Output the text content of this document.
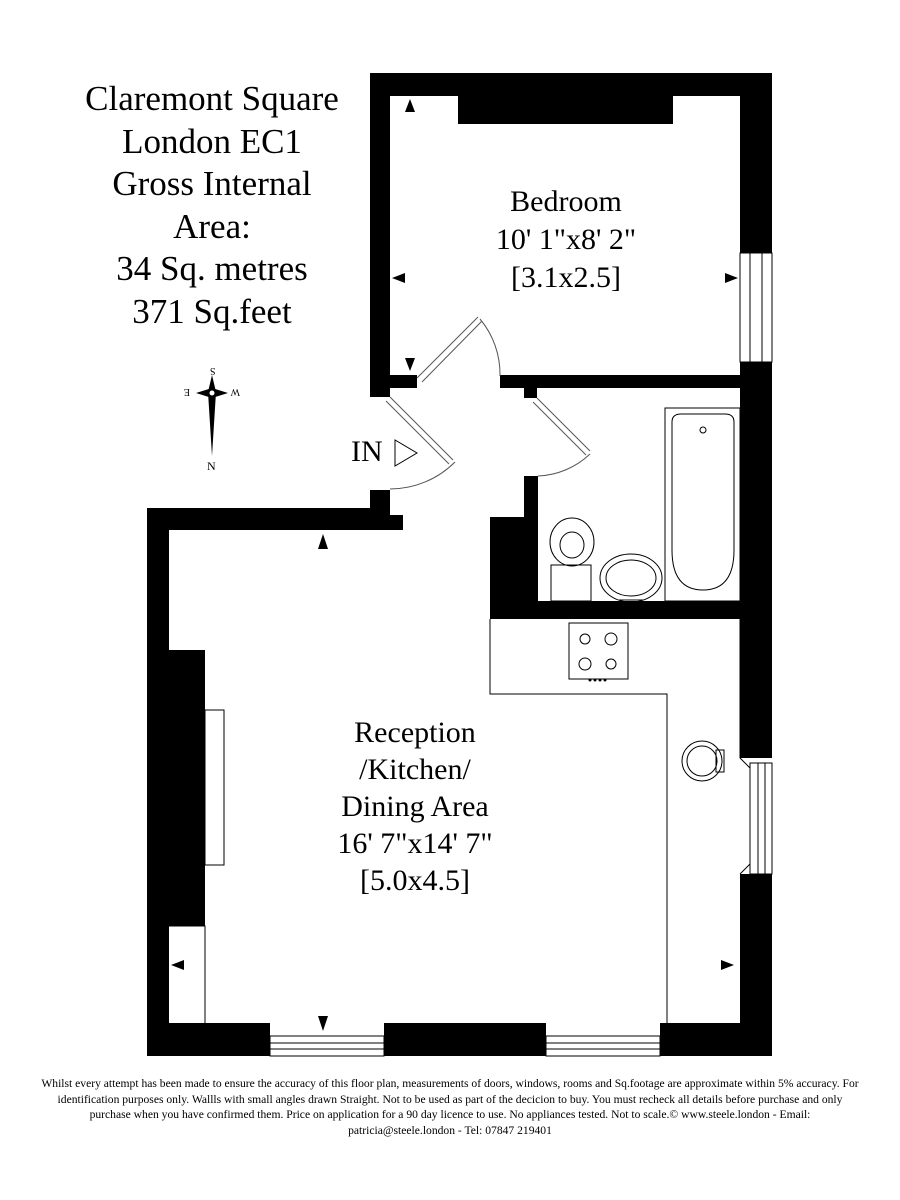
S
E	W
N
Claremont Square
London EC1
Gross Internal
Area:
34 Sq. metres
371 Sq.feet
Bedroom
10' 1"x8' 2"
[3.1x2.5]
Reception
/Kitchen/
Dining Area
16' 7"x14' 7"
[5.0x4.5]
IN
Whilst every attempt has been made to ensure the accuracy of this floor plan, measurements of doors, windows, rooms and Sq.footage are approximate within 5% accuracy. For identification purposes only. Wallls with small angles drawn Straight. Not to be used as part of the decicion to buy. You must recheck all details before purchase and only purchase when you have confirmed them. Price on application for a 90 day licence to use. No appliances tested. Not to scale.© www.steele.london - Email: patricia@steele.london - Tel: 07847 219401
